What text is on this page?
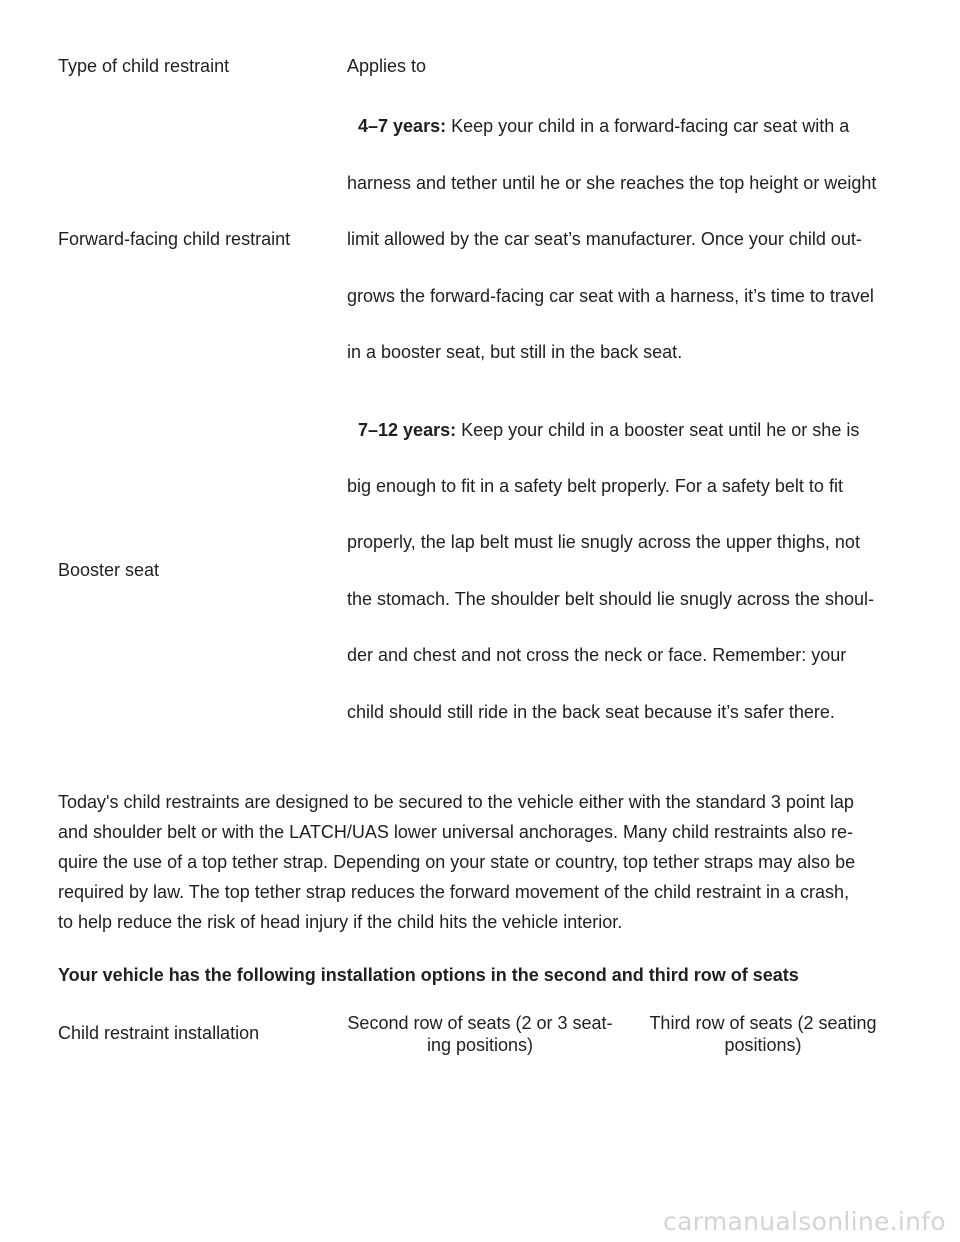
Type of child restraint	Applies to
Forward-facing child restraint
4–7 years: Keep your child in a forward-facing car seat with a
harness and tether until he or she reaches the top height or weight
limit allowed by the car seat’s manufacturer. Once your child out-
grows the forward-facing car seat with a harness, it’s time to travel
in a booster seat, but still in the back seat.
Booster seat
7–12 years: Keep your child in a booster seat until he or she is
big enough to fit in a safety belt properly. For a safety belt to fit
properly, the lap belt must lie snugly across the upper thighs, not
the stomach. The shoulder belt should lie snugly across the shoul-
der and chest and not cross the neck or face. Remember: your
child should still ride in the back seat because it’s safer there.
Today's child restraints are designed to be secured to the vehicle either with the standard 3 point lap
and shoulder belt or with the LATCH/UAS lower universal anchorages. Many child restraints also re-
quire the use of a top tether strap. Depending on your state or country, top tether straps may also be
required by law. The top tether strap reduces the forward movement of the child restraint in a crash,
to help reduce the risk of head injury if the child hits the vehicle interior.
Your vehicle has the following installation options in the second and third row of seats
Child restraint installation	Second row of seats (2 or 3 seat-
ing positions)
Third row of seats (2 seating
positions)
carmanualsonline.info
